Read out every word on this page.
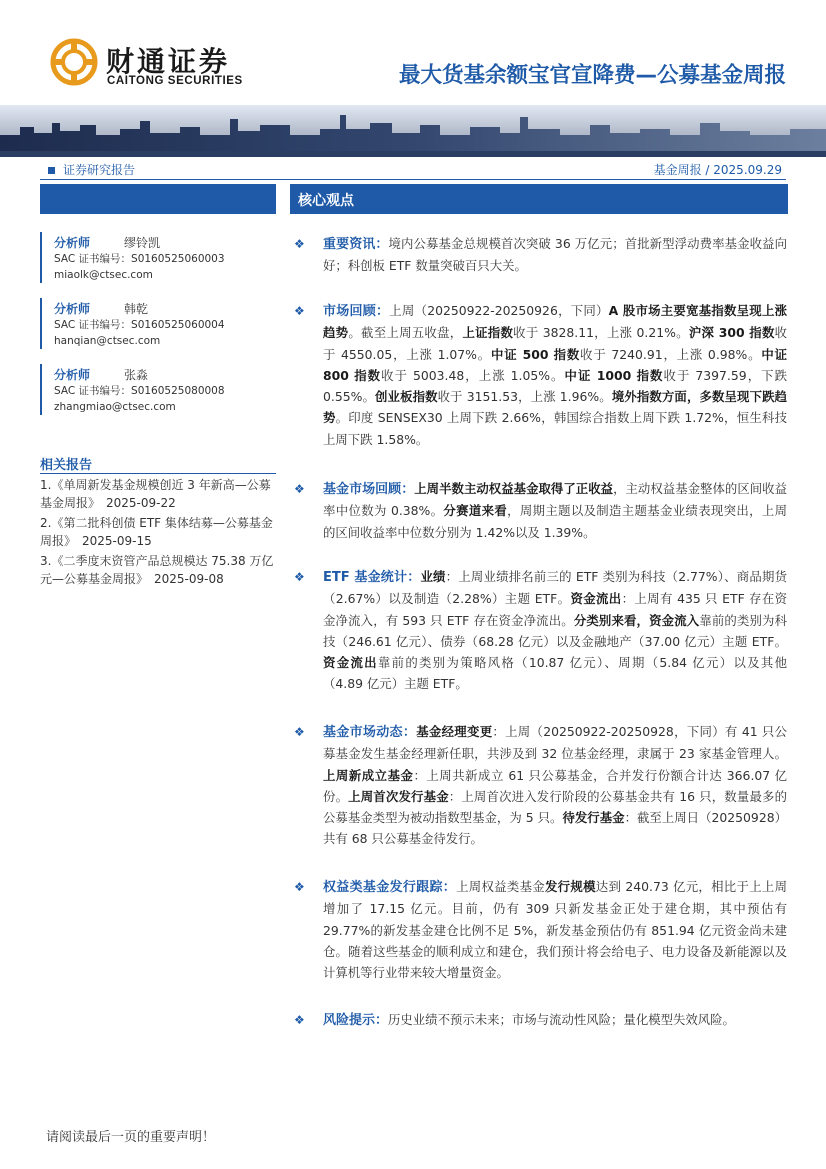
财通证券
CAITONG SECURITIES	最大货基余额宝官宣降费—公募基金周报
证券研究报告	基金周报 / 2025.09.29
分析师	缪铃凯
SAC 证书编号：S0160525060003
miaolk@ctsec.com
分析师	韩乾
SAC 证书编号：S0160525060004
hanqian@ctsec.com
分析师	张淼
SAC 证书编号：S0160525080008
zhangmiao@ctsec.com
相关报告
1.《单周新发基金规模创近 3 年新高—公募基金周报》　2025-09-22
2.《第二批科创债 ETF 集体结募—公募基金周报》　2025-09-15
3.《二季度末资管产品总规模达 75.38 万亿元—公募基金周报》　2025-09-08
核心观点
❖ 重要资讯：境内公募基金总规模首次突破 36 万亿元；首批新型浮动费率基金收益向好；科创板 ETF 数量突破百只大关。
❖ 市场回顾：上周（20250922-20250926，下同）A 股市场主要宽基指数呈现上涨趋势。截至上周五收盘，上证指数收于 3828.11，上涨 0.21%。沪深 300 指数收于 4550.05，上涨 1.07%。中证 500 指数收于 7240.91，上涨 0.98%。中证 800 指数收于 5003.48，上涨 1.05%。中证 1000 指数收于 7397.59，下跌 0.55%。创业板指数收于 3151.53，上涨 1.96%。境外指数方面，多数呈现下跌趋势。印度 SENSEX30 上周下跌 2.66%，韩国综合指数上周下跌 1.72%，恒生科技上周下跌 1.58%。
❖ 基金市场回顾：上周半数主动权益基金取得了正收益，主动权益基金整体的区间收益率中位数为 0.38%。分赛道来看，周期主题以及制造主题基金业绩表现突出，上周的区间收益率中位数分别为 1.42%以及 1.39%。
❖ ETF 基金统计：业绩：上周业绩排名前三的 ETF 类别为科技（2.77%）、商品期货（2.67%）以及制造（2.28%）主题 ETF。资金流出：上周有 435 只 ETF 存在资金净流入，有 593 只 ETF 存在资金净流出。分类别来看，资金流入靠前的类别为科技（246.61 亿元）、债券（68.28 亿元）以及金融地产（37.00 亿元）主题 ETF。资金流出靠前的类别为策略风格（10.87 亿元）、周期（5.84 亿元）以及其他（4.89 亿元）主题 ETF。
❖ 基金市场动态：基金经理变更：上周（20250922-20250928，下同）有 41 只公募基金发生基金经理新任职，共涉及到 32 位基金经理，隶属于 23 家基金管理人。上周新成立基金：上周共新成立 61 只公募基金，合并发行份额合计达 366.07 亿份。上周首次发行基金：上周首次进入发行阶段的公募基金共有 16 只，数量最多的公募基金类型为被动指数型基金，为 5 只。待发行基金：截至上周日（20250928）共有 68 只公募基金待发行。
❖ 权益类基金发行跟踪：上周权益类基金发行规模达到 240.73 亿元，相比于上上周增加了 17.15 亿元。目前，仍有 309 只新发基金正处于建仓期，其中预估有 29.77%的新发基金建仓比例不足 5%，新发基金预估仍有 851.94 亿元资金尚未建仓。随着这些基金的顺利成立和建仓，我们预计将会给电子、电力设备及新能源以及计算机等行业带来较大增量资金。
❖ 风险提示：历史业绩不预示未来；市场与流动性风险；量化模型失效风险。
请阅读最后一页的重要声明！
